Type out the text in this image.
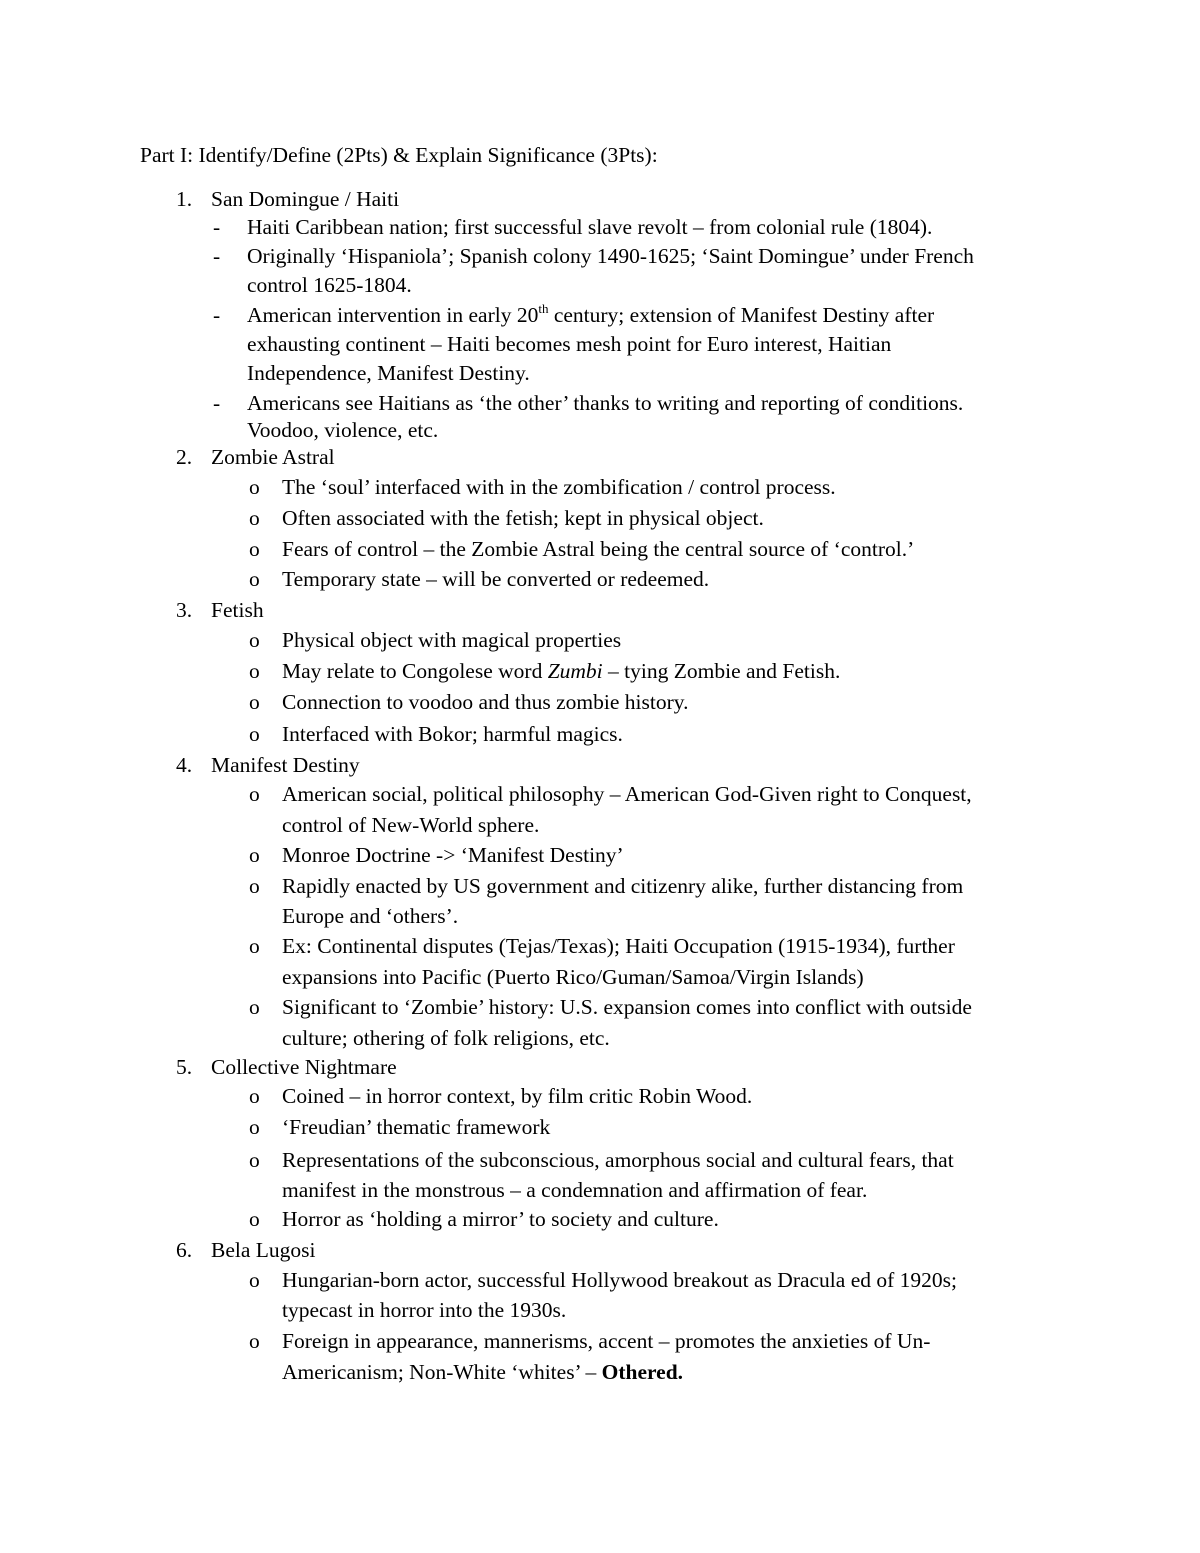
Part I: Identify/Define (2Pts) & Explain Significance (3Pts):
1. San Domingue / Haiti
- Haiti Caribbean nation; first successful slave revolt – from colonial rule (1804).
- Originally ‘Hispaniola’; Spanish colony 1490-1625; ‘Saint Domingue’ under French
control 1625-1804.
- American intervention in early 20th century; extension of Manifest Destiny after
exhausting continent – Haiti becomes mesh point for Euro interest, Haitian
Independence, Manifest Destiny.
- Americans see Haitians as ‘the other’ thanks to writing and reporting of conditions.
Voodoo, violence, etc.
2. Zombie Astral
o The ‘soul’ interfaced with in the zombification / control process.
o Often associated with the fetish; kept in physical object.
o Fears of control – the Zombie Astral being the central source of ‘control.’
o Temporary state – will be converted or redeemed.
3. Fetish
o Physical object with magical properties
o May relate to Congolese word Zumbi – tying Zombie and Fetish.
o Connection to voodoo and thus zombie history.
o Interfaced with Bokor; harmful magics.
4. Manifest Destiny
o American social, political philosophy – American God-Given right to Conquest,
control of New-World sphere.
o Monroe Doctrine -> ‘Manifest Destiny’
o Rapidly enacted by US government and citizenry alike, further distancing from
Europe and ‘others’.
o Ex: Continental disputes (Tejas/Texas); Haiti Occupation (1915-1934), further
expansions into Pacific (Puerto Rico/Guman/Samoa/Virgin Islands)
o Significant to ‘Zombie’ history: U.S. expansion comes into conflict with outside
culture; othering of folk religions, etc.
5. Collective Nightmare
o Coined – in horror context, by film critic Robin Wood.
o ‘Freudian’ thematic framework
o Representations of the subconscious, amorphous social and cultural fears, that
manifest in the monstrous – a condemnation and affirmation of fear.
o Horror as ‘holding a mirror’ to society and culture.
6. Bela Lugosi
o Hungarian-born actor, successful Hollywood breakout as Dracula ed of 1920s;
typecast in horror into the 1930s.
o Foreign in appearance, mannerisms, accent – promotes the anxieties of Un-
Americanism; Non-White ‘whites’ – Othered.
